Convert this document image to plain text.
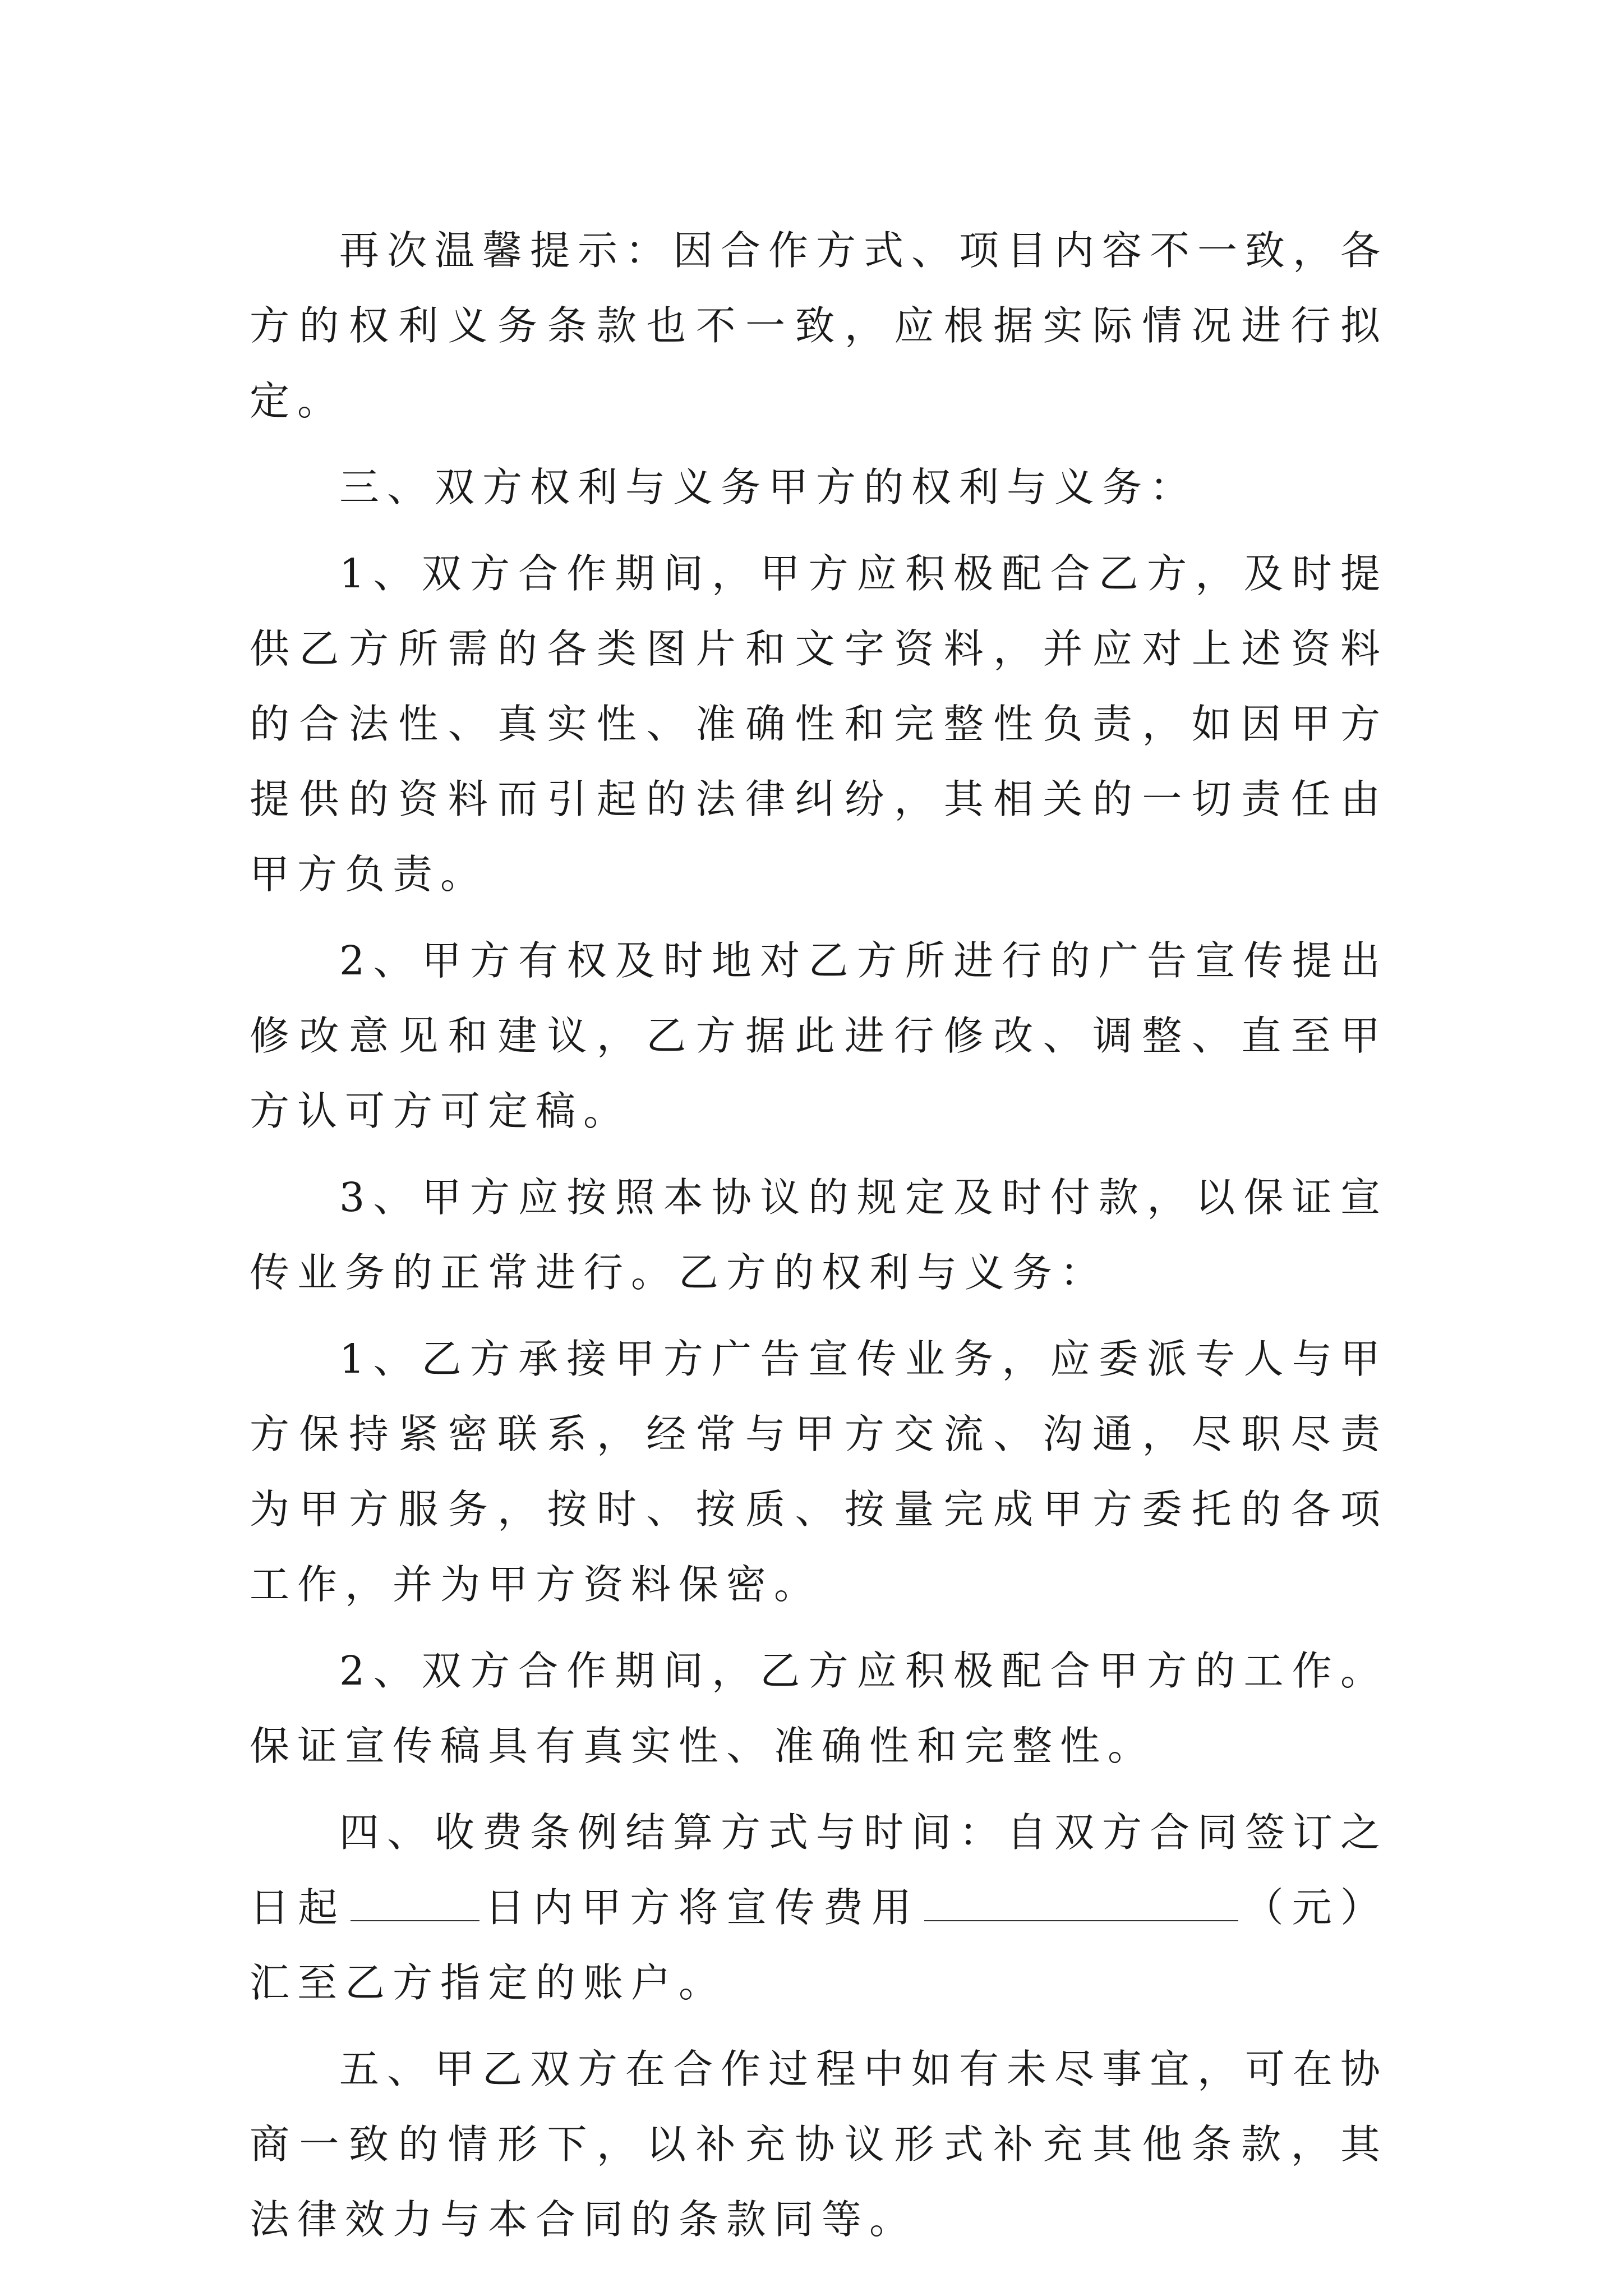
再次温馨提示：因合作方式、项目内容不一致，各方的权利义务条款也不一致，应根据实际情况进行拟定。

三、双方权利与义务甲方的权利与义务：

1、双方合作期间，甲方应积极配合乙方，及时提供乙方所需的各类图片和文字资料，并应对上述资料的合法性、真实性、准确性和完整性负责，如因甲方提供的资料而引起的法律纠纷，其相关的一切责任由甲方负责。

2、甲方有权及时地对乙方所进行的广告宣传提出修改意见和建议，乙方据此进行修改、调整、直至甲方认可方可定稿。

3、甲方应按照本协议的规定及时付款，以保证宣传业务的正常进行。乙方的权利与义务：

1、乙方承接甲方广告宣传业务，应委派专人与甲方保持紧密联系，经常与甲方交流、沟通，尽职尽责为甲方服务，按时、按质、按量完成甲方委托的各项工作，并为甲方资料保密。

2、双方合作期间，乙方应积极配合甲方的工作。保证宣传稿具有真实性、准确性和完整性。

四、收费条例结算方式与时间：自双方合同签订之日起	日内甲方将宣传费用	（元）汇至乙方指定的账户。

五、甲乙双方在合作过程中如有未尽事宜，可在协商一致的情形下，以补充协议形式补充其他条款，其法律效力与本合同的条款同等。
